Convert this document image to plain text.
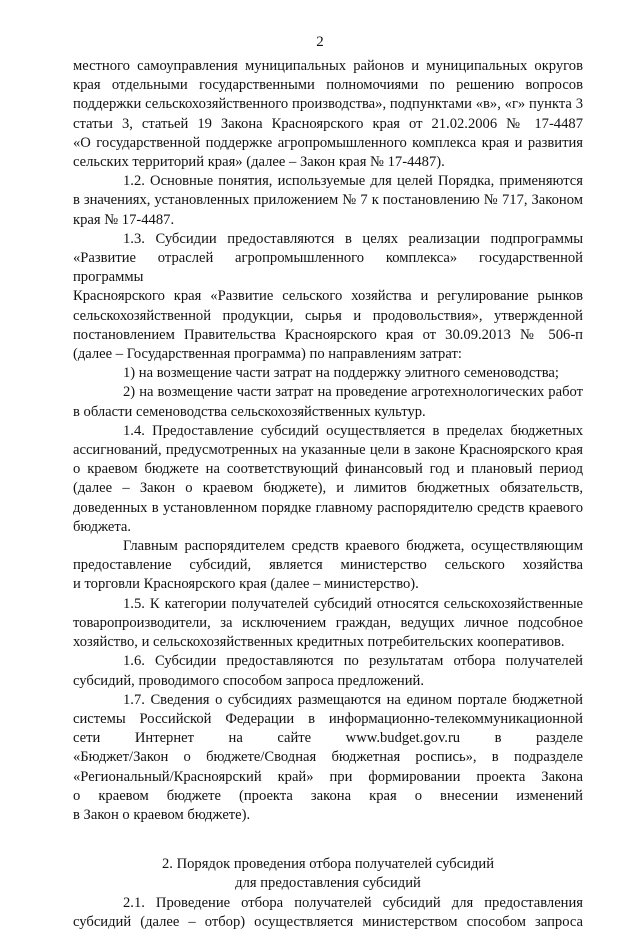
2

местного самоуправления муниципальных районов и муниципальных округов
края отдельными государственными полномочиями по решению вопросов
поддержки сельскохозяйственного производства», подпунктами «в», «г» пункта 3
статьи 3, статьей 19 Закона Красноярского края от 21.02.2006 № 17-4487
«О государственной поддержке агропромышленного комплекса края и развития
сельских территорий края» (далее – Закон края № 17-4487).

1.2. Основные понятия, используемые для целей Порядка, применяются
в значениях, установленных приложением № 7 к постановлению № 717, Законом
края № 17-4487.

1.3. Субсидии предоставляются в целях реализации подпрограммы
«Развитие отраслей агропромышленного комплекса» государственной программы
Красноярского края «Развитие сельского хозяйства и регулирование рынков
сельскохозяйственной продукции, сырья и продовольствия», утвержденной
постановлением Правительства Красноярского края от 30.09.2013 № 506-п
(далее – Государственная программа) по направлениям затрат:

1) на возмещение части затрат на поддержку элитного семеноводства;

2) на возмещение части затрат на проведение агротехнологических работ
в области семеноводства сельскохозяйственных культур.

1.4. Предоставление субсидий осуществляется в пределах бюджетных
ассигнований, предусмотренных на указанные цели в законе Красноярского края
о краевом бюджете на соответствующий финансовый год и плановый период
(далее – Закон о краевом бюджете), и лимитов бюджетных обязательств,
доведенных в установленном порядке главному распорядителю средств краевого
бюджета.

Главным распорядителем средств краевого бюджета, осуществляющим
предоставление субсидий, является министерство сельского хозяйства
и торговли Красноярского края (далее – министерство).

1.5. К категории получателей субсидий относятся сельскохозяйственные
товаропроизводители, за исключением граждан, ведущих личное подсобное
хозяйство, и сельскохозяйственных кредитных потребительских кооперативов.

1.6. Субсидии предоставляются по результатам отбора получателей
субсидий, проводимого способом запроса предложений.

1.7. Сведения о субсидиях размещаются на едином портале бюджетной
системы Российской Федерации в информационно-телекоммуникационной
сети Интернет на сайте www.budget.gov.ru в разделе
«Бюджет/Закон о бюджете/Сводная бюджетная роспись», в подразделе
«Региональный/Красноярский край» при формировании проекта Закона
о краевом бюджете (проекта закона края о внесении изменений
в Закон о краевом бюджете).

2. Порядок проведения отбора получателей субсидий
для предоставления субсидий

2.1. Проведение отбора получателей субсидий для предоставления
субсидий (далее – отбор) осуществляется министерством способом запроса
